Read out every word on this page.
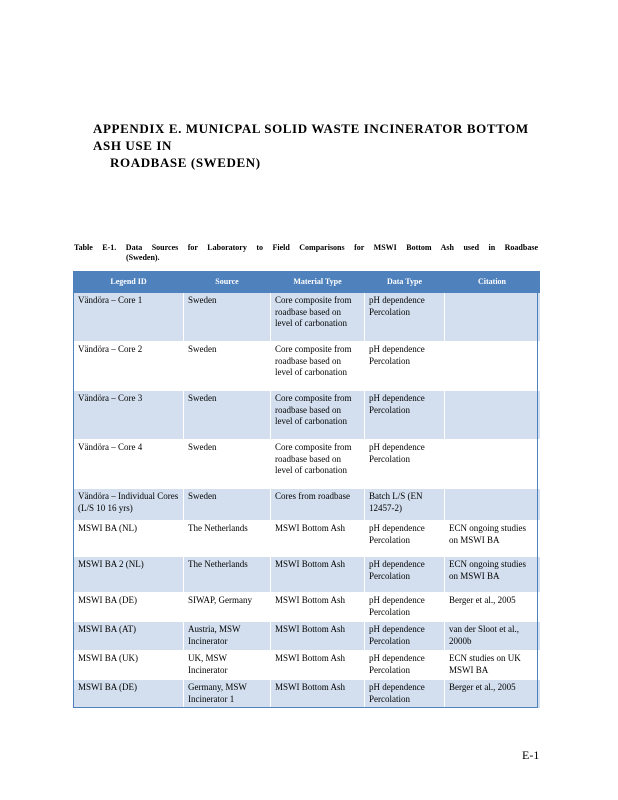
APPENDIX E. MUNICPAL SOLID WASTE INCINERATOR BOTTOM ASH USE IN
ROADBASE (SWEDEN)
Table E-1. Data Sources for Laboratory to Field Comparisons for MSWI Bottom Ash used in Roadbase
(Sweden).
Legend ID	Source	Material Type	Data Type	Citation
Vändöra – Core 1	Sweden	Core composite from roadbase based on level of carbonation	pH dependence Percolation	
Vändöra – Core 2	Sweden	Core composite from roadbase based on level of carbonation	pH dependence Percolation	
Vändöra – Core 3	Sweden	Core composite from roadbase based on level of carbonation	pH dependence Percolation	
Vändöra – Core 4	Sweden	Core composite from roadbase based on level of carbonation	pH dependence Percolation	
Vändöra – Individual Cores (L/S 10 16 yrs)	Sweden	Cores from roadbase	Batch L/S (EN 12457-2)	
MSWI BA (NL)	The Netherlands	MSWI Bottom Ash	pH dependence Percolation	ECN ongoing studies on MSWI BA
MSWI BA 2 (NL)	The Netherlands	MSWI Bottom Ash	pH dependence Percolation	ECN ongoing studies on MSWI BA
MSWI BA (DE)	SIWAP, Germany	MSWI Bottom Ash	pH dependence Percolation	Berger et al., 2005
MSWI BA (AT)	Austria, MSW Incinerator	MSWI Bottom Ash	pH dependence Percolation	van der Sloot et al., 2000b
MSWI BA (UK)	UK, MSW Incinerator	MSWI Bottom Ash	pH dependence Percolation	ECN studies on UK MSWI BA
MSWI BA (DE)	Germany, MSW Incinerator 1	MSWI Bottom Ash	pH dependence Percolation	Berger et al., 2005
E-1
